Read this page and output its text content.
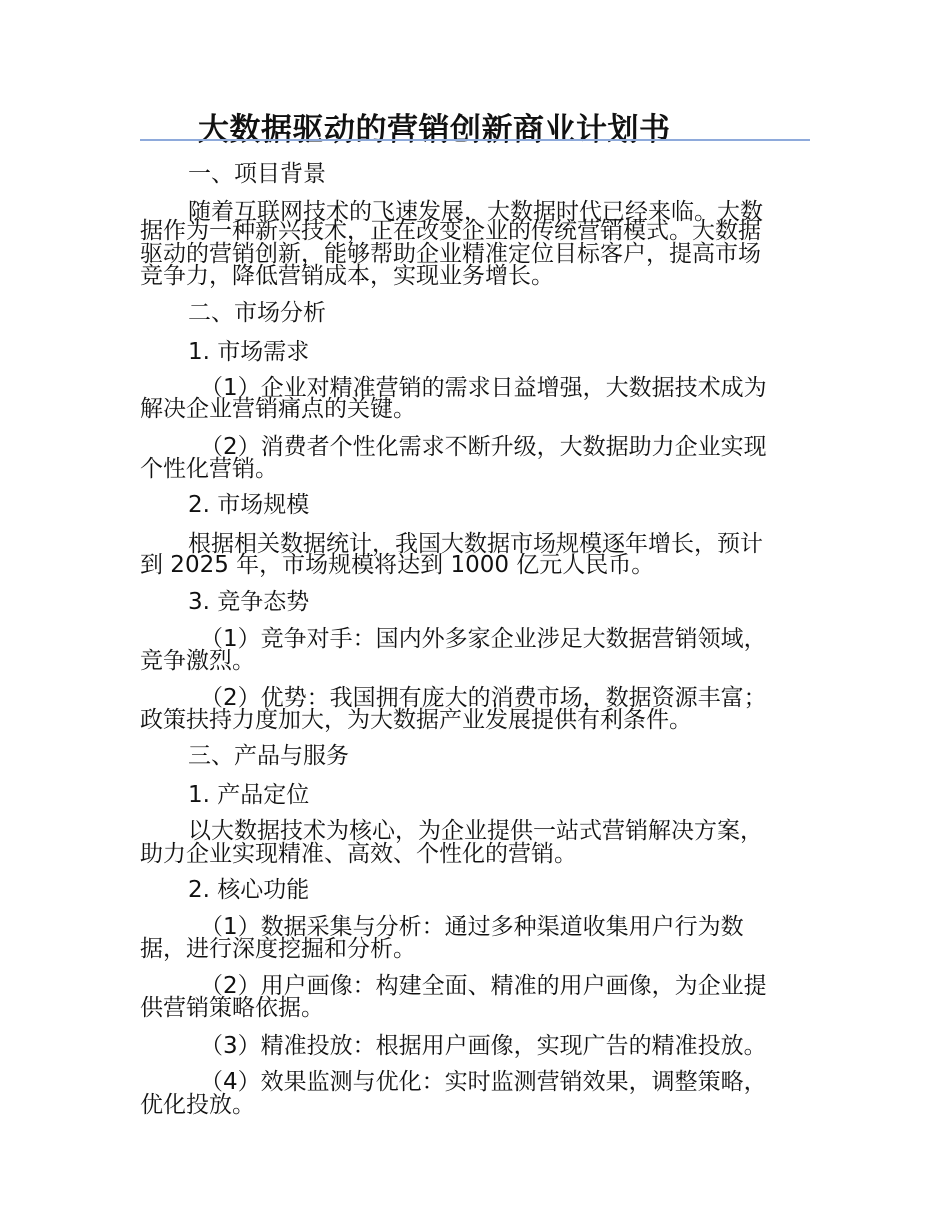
大数据驱动的营销创新商业计划书

一、项目背景

随着互联网技术的飞速发展，大数据时代已经来临。大数

据作为一种新兴技术，正在改变企业的传统营销模式。大数据

驱动的营销创新，能够帮助企业精准定位目标客户，提高市场

竞争力，降低营销成本，实现业务增长。

二、市场分析

1. 市场需求

（1）企业对精准营销的需求日益增强，大数据技术成为

解决企业营销痛点的关键。

（2）消费者个性化需求不断升级，大数据助力企业实现

个性化营销。

2. 市场规模

根据相关数据统计，我国大数据市场规模逐年增长，预计

到 2025 年，市场规模将达到 1000 亿元人民币。

3. 竞争态势

（1）竞争对手：国内外多家企业涉足大数据营销领域，

竞争激烈。

（2）优势：我国拥有庞大的消费市场，数据资源丰富；

政策扶持力度加大，为大数据产业发展提供有利条件。

三、产品与服务

1. 产品定位

以大数据技术为核心，为企业提供一站式营销解决方案，

助力企业实现精准、高效、个性化的营销。

2. 核心功能

（1）数据采集与分析：通过多种渠道收集用户行为数

据，进行深度挖掘和分析。

（2）用户画像：构建全面、精准的用户画像，为企业提

供营销策略依据。

（3）精准投放：根据用户画像，实现广告的精准投放。

（4）效果监测与优化：实时监测营销效果，调整策略，

优化投放。
